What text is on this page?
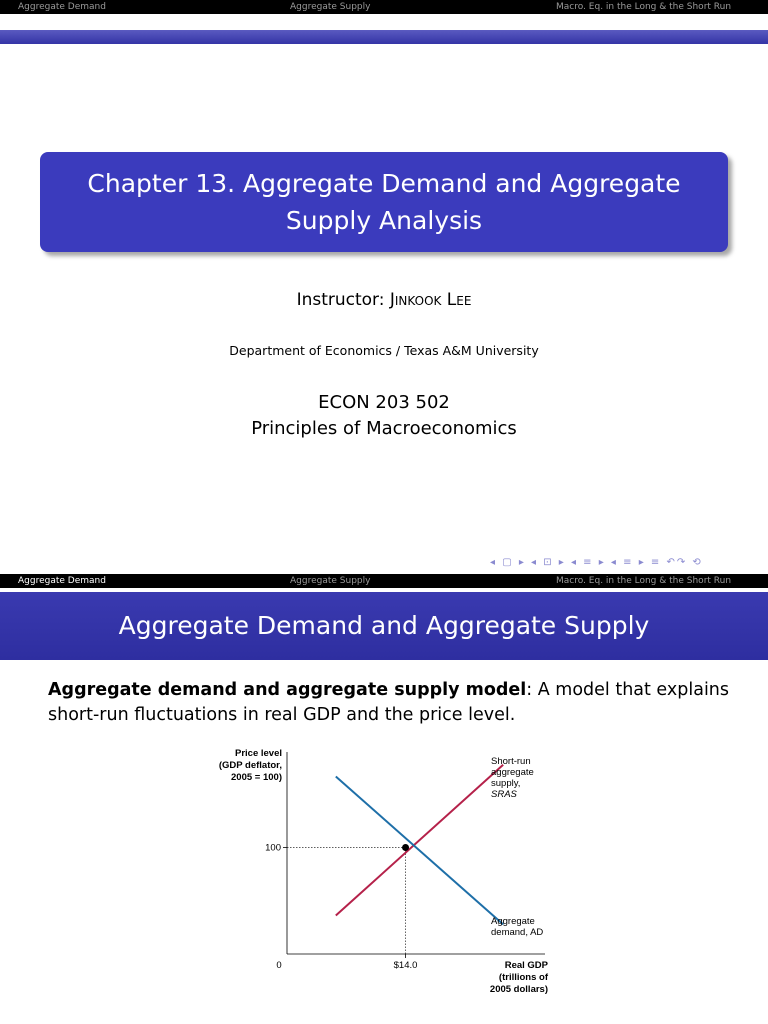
Aggregate Demand	Aggregate Supply	Macro. Eq. in the Long & the Short Run
Chapter 13. Aggregate Demand and Aggregate
Supply Analysis
Instructor: Jinkook Lee
Department of Economics / Texas A&M University
ECON 203 502
Principles of Macroeconomics
◂ ▢ ▸ ◂ ⊡ ▸ ◂ ≡ ▸ ◂ ≡ ▸ ≡ ↶↷ ⟲
Aggregate Demand	Aggregate Supply	Macro. Eq. in the Long & the Short Run
Aggregate Demand and Aggregate Supply
Aggregate demand and aggregate supply model: A model that explains short-run fluctuations in real GDP and the price level.
Price level
(GDP deflator,
2005 = 100)
Real GDP
(trillions of
2005 dollars)
0
100
$14.0
Short-run
aggregate
supply,
SRAS
Aggregate
demand, AD
